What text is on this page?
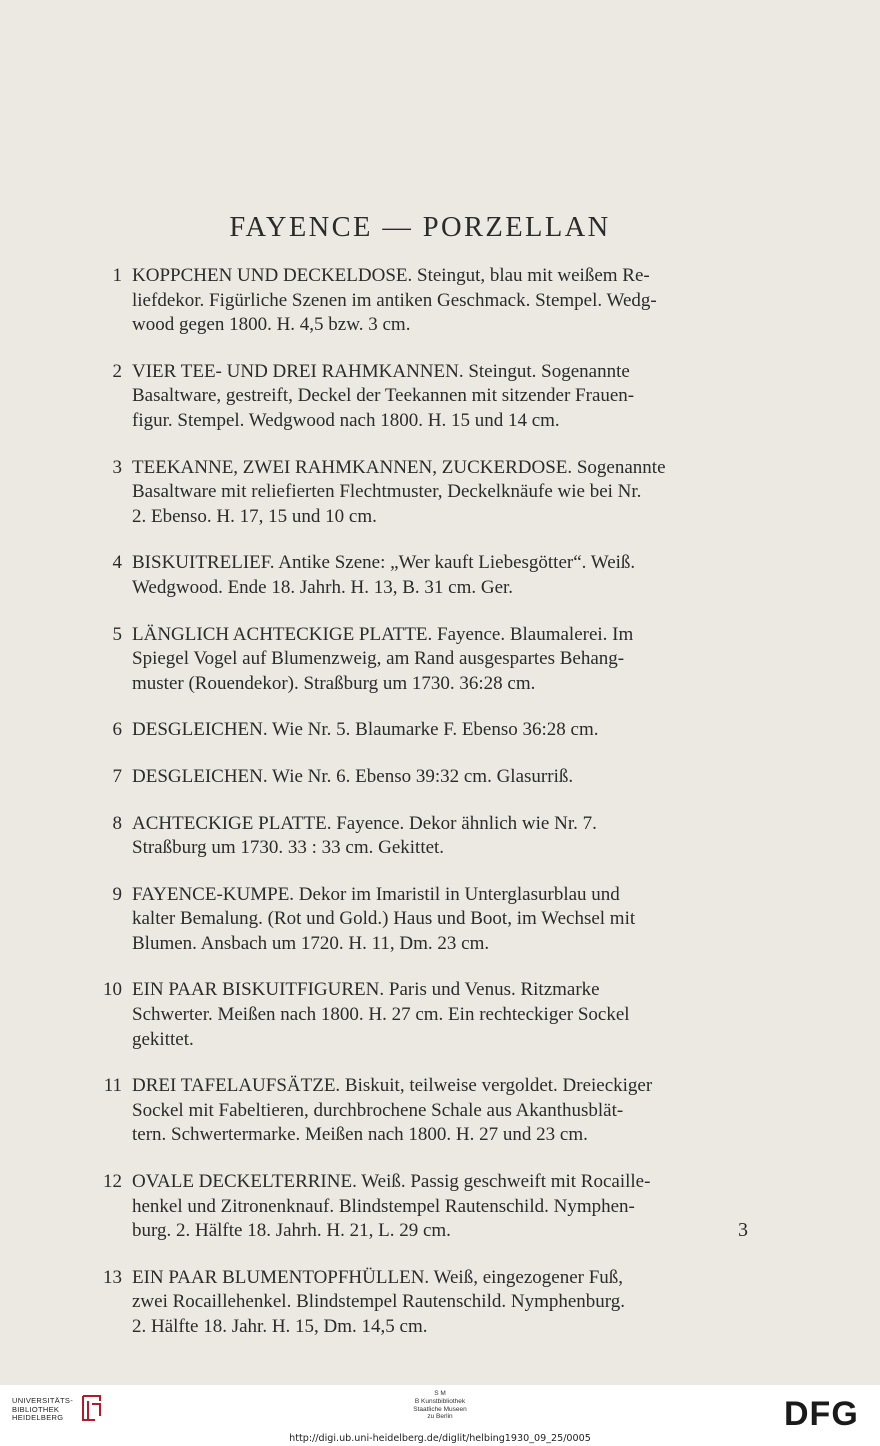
FAYENCE — PORZELLAN
1 KOPPCHEN UND DECKELDOSE. Steingut, blau mit weißem Re-
liefdekor. Figürliche Szenen im antiken Geschmack. Stempel. Wedg-
wood gegen 1800. H. 4,5 bzw. 3 cm.
2 VIER TEE- UND DREI RAHMKANNEN. Steingut. Sogenannte
Basaltware, gestreift, Deckel der Teekannen mit sitzender Frauen-
figur. Stempel. Wedgwood nach 1800. H. 15 und 14 cm.
3 TEEKANNE, ZWEI RAHMKANNEN, ZUCKERDOSE. Sogenannte
Basaltware mit reliefierten Flechtmuster, Deckelknäufe wie bei Nr.
2. Ebenso. H. 17, 15 und 10 cm.
4 BISKUITRELIEF. Antike Szene: „Wer kauft Liebesgötter“. Weiß.
Wedgwood. Ende 18. Jahrh. H. 13, B. 31 cm. Ger.
5 LÄNGLICH ACHTECKIGE PLATTE. Fayence. Blaumalerei. Im
Spiegel Vogel auf Blumenzweig, am Rand ausgespartes Behang-
muster (Rouendekor). Straßburg um 1730. 36:28 cm.
6 DESGLEICHEN. Wie Nr. 5. Blaumarke F. Ebenso 36:28 cm.
7 DESGLEICHEN. Wie Nr. 6. Ebenso 39:32 cm. Glasurriß.
8 ACHTECKIGE PLATTE. Fayence. Dekor ähnlich wie Nr. 7.
Straßburg um 1730. 33 : 33 cm. Gekittet.
9 FAYENCE-KUMPE. Dekor im Imaristil in Unterglasurblau und
kalter Bemalung. (Rot und Gold.) Haus und Boot, im Wechsel mit
Blumen. Ansbach um 1720. H. 11, Dm. 23 cm.
10 EIN PAAR BISKUITFIGUREN. Paris und Venus. Ritzmarke
Schwerter. Meißen nach 1800. H. 27 cm. Ein rechteckiger Sockel
gekittet.
11 DREI TAFELAUFSÄTZE. Biskuit, teilweise vergoldet. Dreieckiger
Sockel mit Fabeltieren, durchbrochene Schale aus Akanthusblät-
tern. Schwertermarke. Meißen nach 1800. H. 27 und 23 cm.
12 OVALE DECKELTERRINE. Weiß. Passig geschweift mit Rocaille-
henkel und Zitronenknauf. Blindstempel Rautenschild. Nymphen-
burg. 2. Hälfte 18. Jahrh. H. 21, L. 29 cm.
13 EIN PAAR BLUMENTOPFHÜLLEN. Weiß, eingezogener Fuß,
zwei Rocaillehenkel. Blindstempel Rautenschild. Nymphenburg.
2. Hälfte 18. Jahr. H. 15, Dm. 14,5 cm.
3
UNIVERSITÄTS-
BIBLIOTHEK
HEIDELBERG
S M
B Kunstbibliothek
Staatliche Museen
zu Berlin	DFG
http://digi.ub.uni-heidelberg.de/diglit/helbing1930_09_25/0005
